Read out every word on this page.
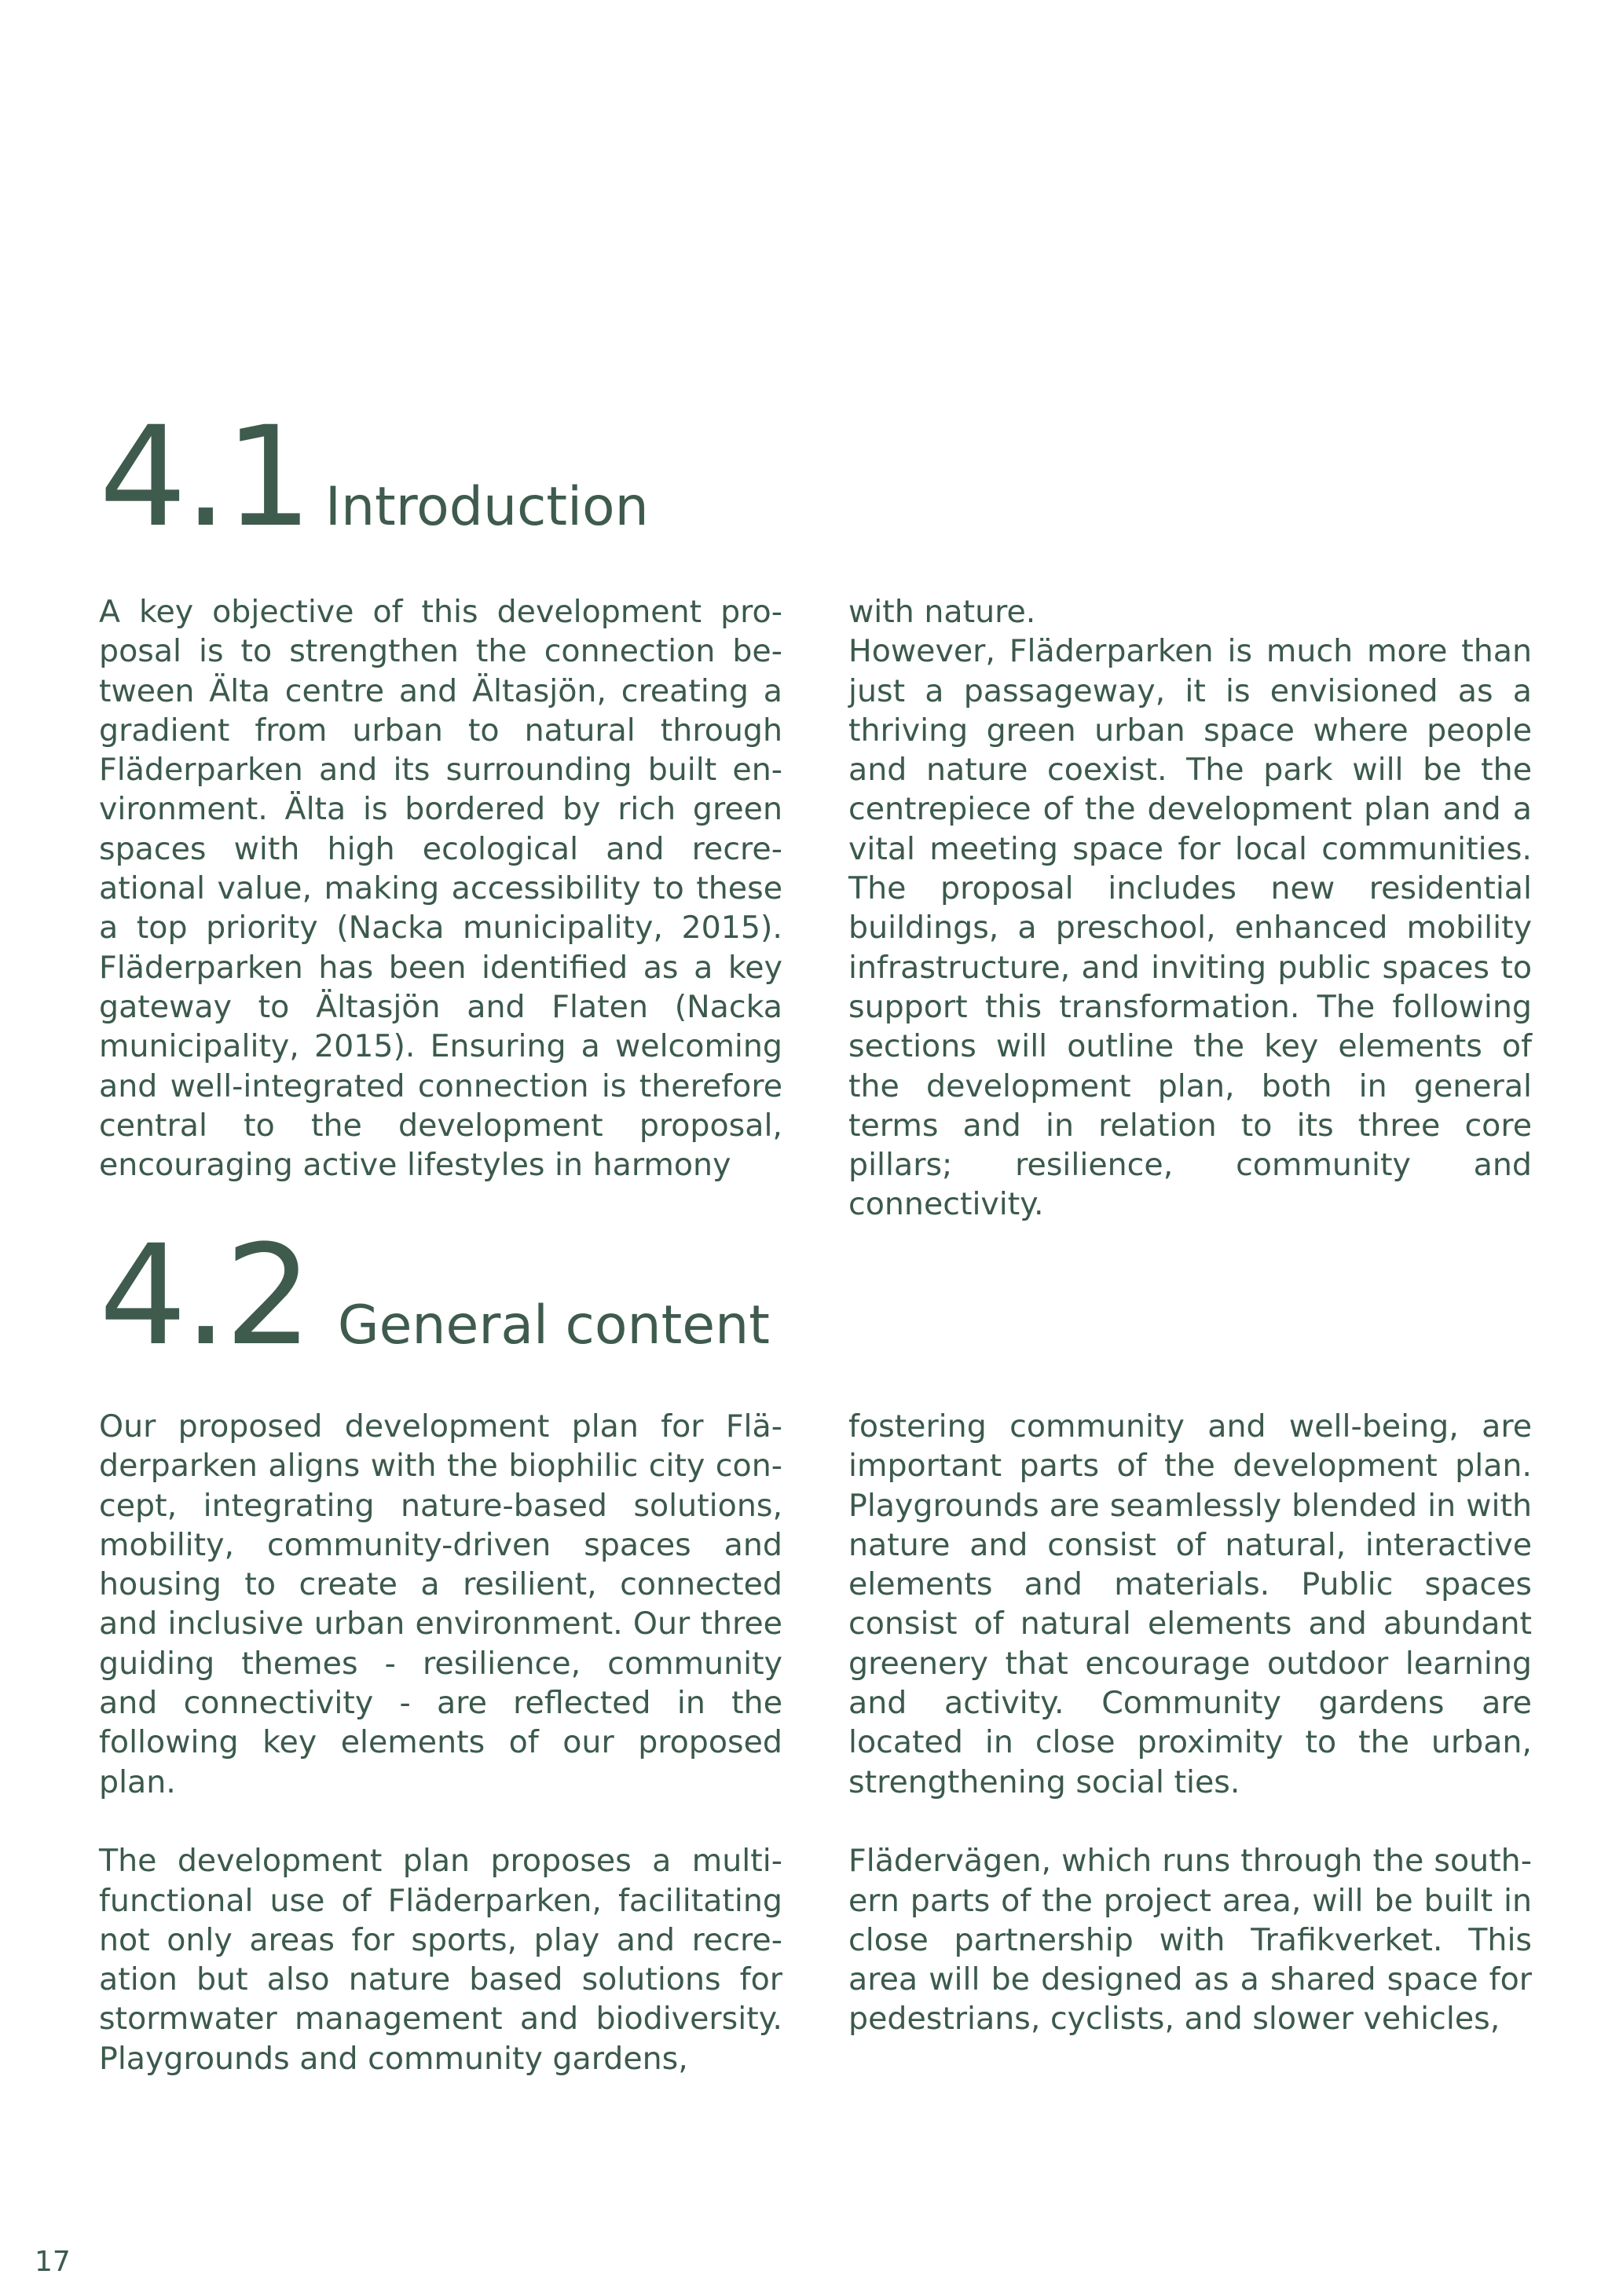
4.1 Introduction

A key objective of this development proposal is to strengthen the connection between Älta centre and Ältasjön, creating a gradient from urban to natural through Fläderparken and its surrounding built environment. Älta is bordered by rich green spaces with high ecological and recreational value, making accessibility to these a top priority (Nacka municipality, 2015). Fläderparken has been identified as a key gateway to Ältasjön and Flaten (Nacka municipality, 2015). Ensuring a welcoming and well-integrated connection is therefore central to the development proposal, encouraging active lifestyles in harmony

with nature.

However, Fläderparken is much more than just a passageway, it is envisioned as a thriving green urban space where people and nature coexist. The park will be the centrepiece of the development plan and a vital meeting space for local communities. The proposal includes new residential buildings, a preschool, enhanced mobility infrastructure, and inviting public spaces to support this transformation. The following sections will outline the key elements of the development plan, both in general terms and in relation to its three core pillars; resilience, community and connectivity.

4.2 General content

Our proposed development plan for Fläderparken aligns with the biophilic city concept, integrating nature-based solutions, mobility, community-driven spaces and housing to create a resilient, connected and inclusive urban environment. Our three guiding themes - resilience, community and connectivity - are reflected in the following key elements of our proposed plan.

The development plan proposes a multifunctional use of Fläderparken, facilitating not only areas for sports, play and recreation but also nature based solutions for stormwater management and biodiversity. Playgrounds and community gardens,

fostering community and well-being, are important parts of the development plan. Playgrounds are seamlessly blended in with nature and consist of natural, interactive elements and materials. Public spaces consist of natural elements and abundant greenery that encourage outdoor learning and activity. Community gardens are located in close proximity to the urban, strengthening social ties.

Flädervägen, which runs through the southern parts of the project area, will be built in close partnership with Trafikverket. This area will be designed as a shared space for pedestrians, cyclists, and slower vehicles,

17
